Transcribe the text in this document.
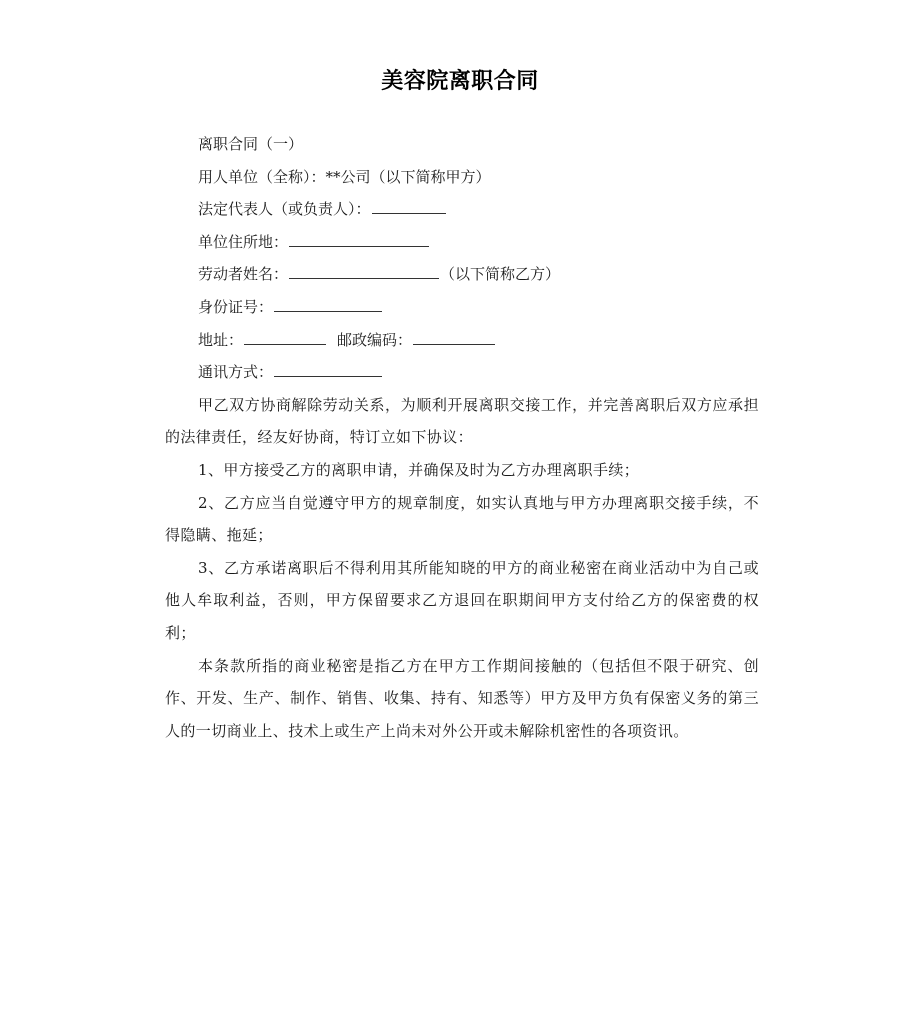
美容院离职合同

离职合同（一）

用人单位（全称）：**公司（以下简称甲方）

法定代表人（或负责人）：

单位住所地：

劳动者姓名：	（以下简称乙方）

身份证号：

地址：	邮政编码：

通讯方式：

甲乙双方协商解除劳动关系，为顺利开展离职交接工作，并完善离职后双方应承担的法律责任，经友好协商，特订立如下协议：

1、甲方接受乙方的离职申请，并确保及时为乙方办理离职手续；

2、乙方应当自觉遵守甲方的规章制度，如实认真地与甲方办理离职交接手续，不得隐瞒、拖延；

3、乙方承诺离职后不得利用其所能知晓的甲方的商业秘密在商业活动中为自己或他人牟取利益，否则，甲方保留要求乙方退回在职期间甲方支付给乙方的保密费的权利；

本条款所指的商业秘密是指乙方在甲方工作期间接触的（包括但不限于研究、创作、开发、生产、制作、销售、收集、持有、知悉等）甲方及甲方负有保密义务的第三人的一切商业上、技术上或生产上尚未对外公开或未解除机密性的各项资讯。
